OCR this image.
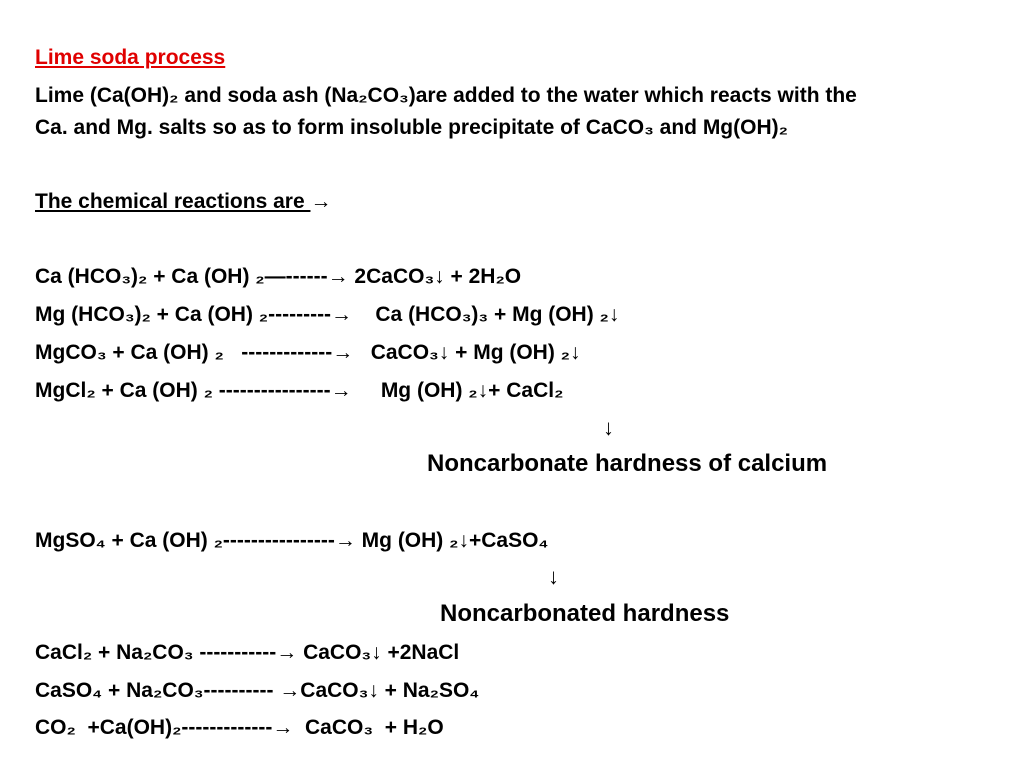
Lime soda process
Lime (Ca(OH)₂ and soda ash (Na₂CO₃)are added to the water which reacts with the
Ca. and Mg. salts so as to form insoluble precipitate of CaCO₃ and Mg(OH)₂
The chemical reactions are →
Ca (HCO₃)₂ + Ca (OH) ₂—------→ 2CaCO₃↓ + 2H₂O
Mg (HCO₃)₂ + Ca (OH) ₂---------→    Ca (HCO₃)₃ + Mg (OH) ₂↓
MgCO₃ + Ca (OH) ₂   -------------→   CaCO₃↓ + Mg (OH) ₂↓
MgCl₂ + Ca (OH) ₂ ----------------→     Mg (OH) ₂↓+ CaCl₂
↓
Noncarbonate hardness of calcium
MgSO₄ + Ca (OH) ₂----------------→ Mg (OH) ₂↓+CaSO₄
↓
Noncarbonated hardness
CaCl₂ + Na₂CO₃ -----------→ CaCO₃↓ +2NaCl
CaSO₄ + Na₂CO₃---------- →CaCO₃↓ + Na₂SO₄
CO₂  +Ca(OH)₂-------------→  CaCO₃  + H₂O
